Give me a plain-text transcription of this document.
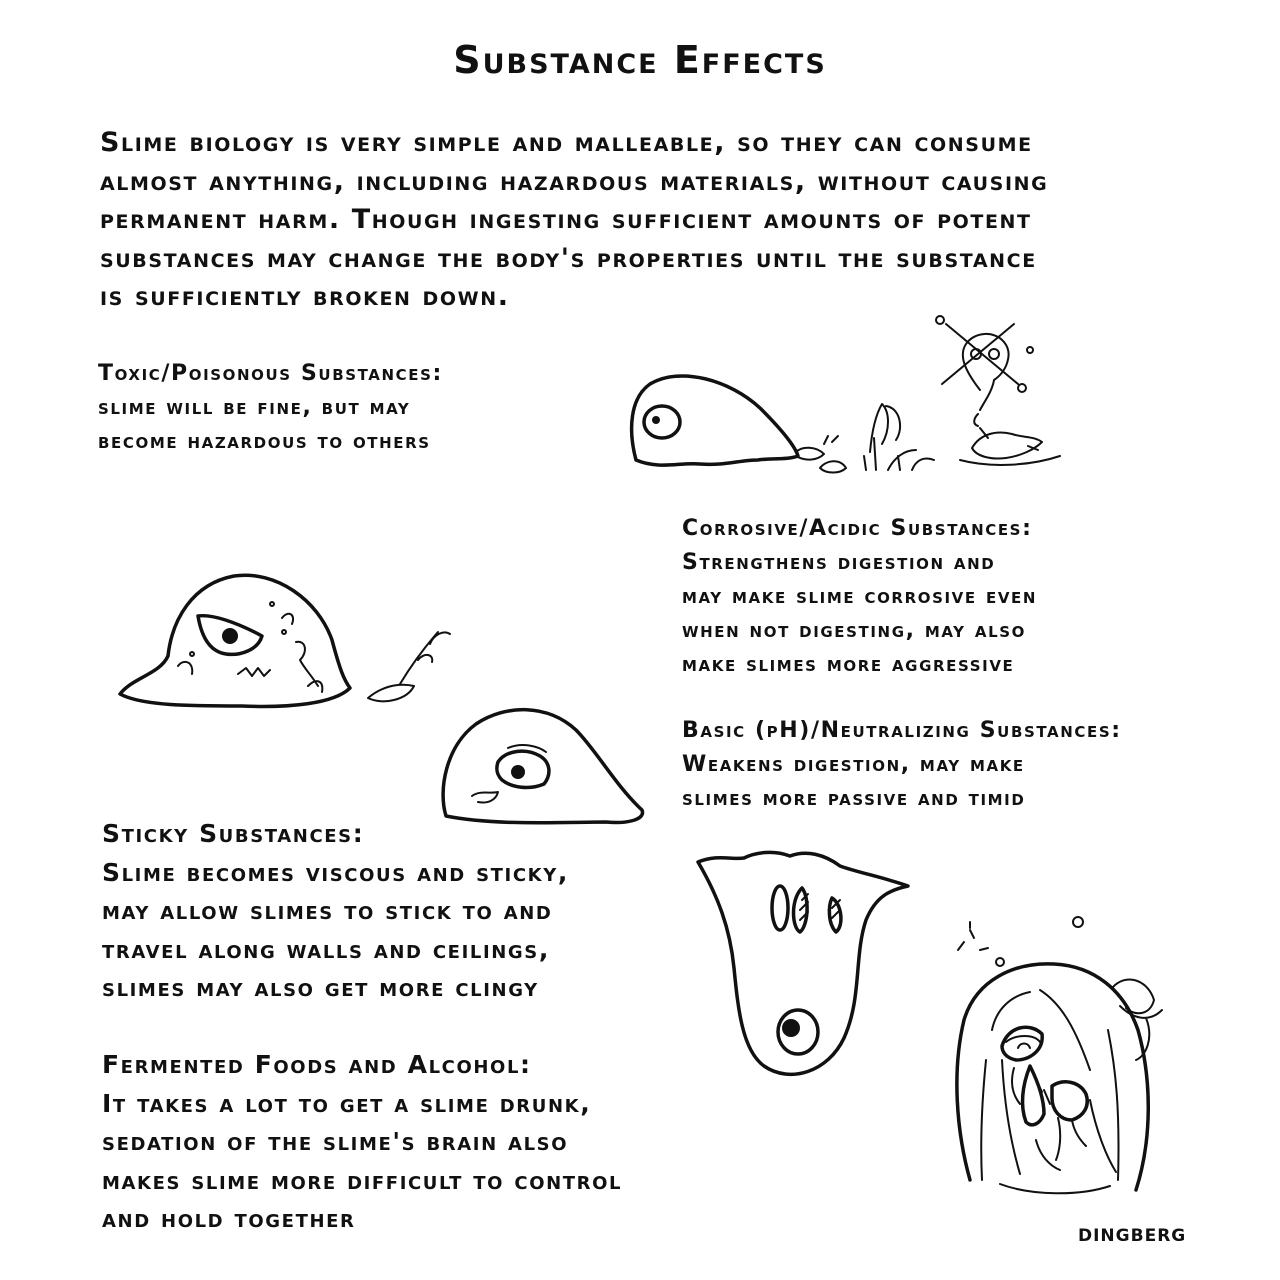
Substance Effects
Slime biology is very simple and malleable, so they can consume
almost anything, including hazardous materials, without causing
permanent harm. Though ingesting sufficient amounts of potent
substances may change the body's properties until the substance
is sufficiently broken down.
Toxic/Poisonous Substances:
slime will be fine, but may
become hazardous to others
Corrosive/Acidic Substances:
Strengthens digestion and
may make slime corrosive even
when not digesting, may also
make slimes more aggressive
Basic (pH)/Neutralizing Substances:
Weakens digestion, may make
slimes more passive and timid
Sticky Substances:
Slime becomes viscous and sticky,
may allow slimes to stick to and
travel along walls and ceilings,
slimes may also get more clingy
Fermented Foods and Alcohol:
It takes a lot to get a slime drunk,
sedation of the slime's brain also
makes slime more difficult to control
and hold together
DINGBERG
